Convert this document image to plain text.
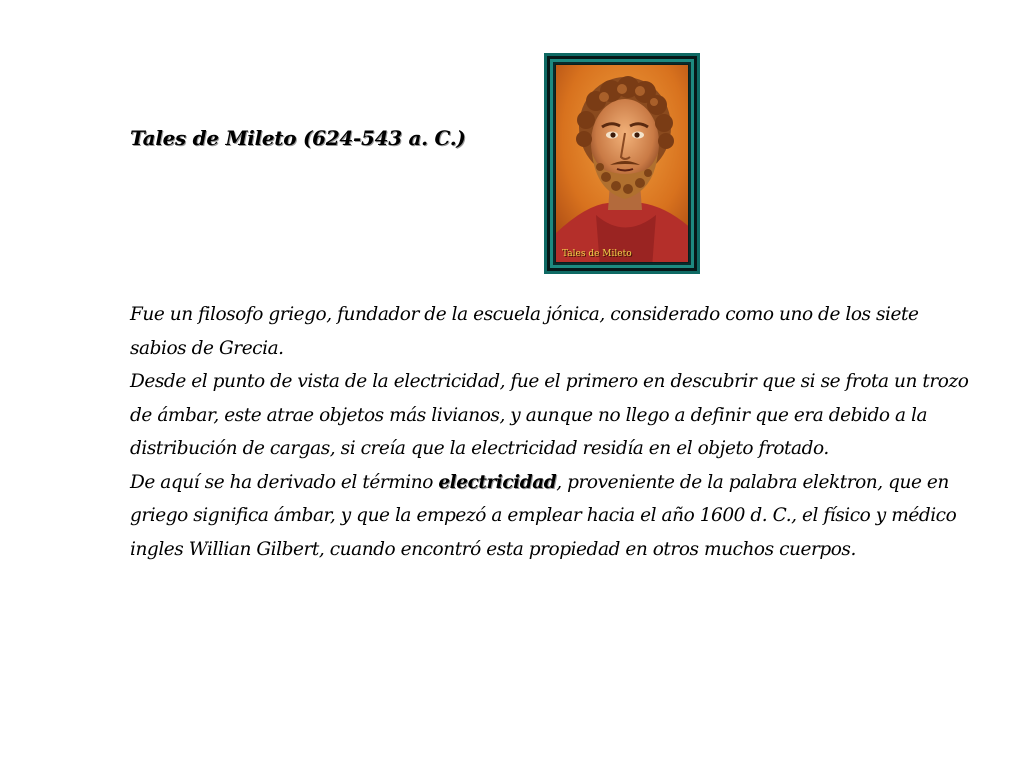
Tales de Mileto (624-543 a. C.)
Tales de Mileto

Fue un filosofo griego, fundador de la escuela jónica, considerado como uno de los siete sabios de Grecia.

Desde el punto de vista de la electricidad, fue el primero en descubrir que si se frota un trozo de ámbar, este atrae objetos más livianos, y aunque no llego a definir que era debido a la distribución de cargas, si creía que la electricidad residía en el objeto frotado.

De aquí se ha derivado el término electricidad, proveniente de la palabra elektron, que en griego significa ámbar, y que la empezó a emplear hacia el año 1600 d. C., el físico y médico ingles Willian Gilbert, cuando encontró esta propiedad en otros muchos cuerpos.
